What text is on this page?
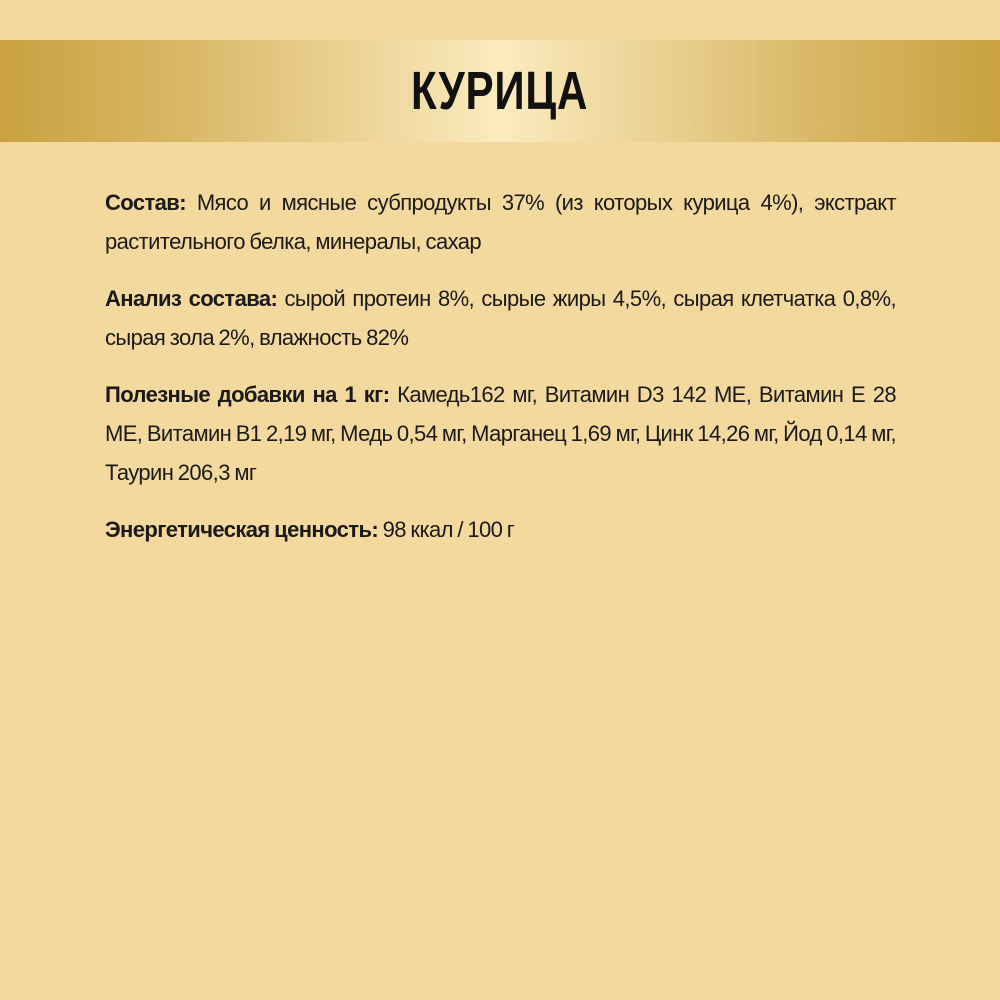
КУРИЦА

Состав: Мясо и мясные субпродукты 37% (из которых курица 4%), экстракт растительного белка, минералы, сахар

Анализ состава: сырой протеин 8%, сырые жиры 4,5%, сырая клетчатка 0,8%, сырая зола 2%, влажность 82%

Полезные добавки на 1 кг: Камедь162 мг, Витамин D3 142 МЕ, Витамин Е 28 МЕ, Витамин В1 2,19 мг, Медь 0,54 мг, Марганец 1,69 мг, Цинк 14,26 мг, Йод 0,14 мг, Таурин 206,3 мг

Энергетическая ценность: 98 ккал / 100 г
